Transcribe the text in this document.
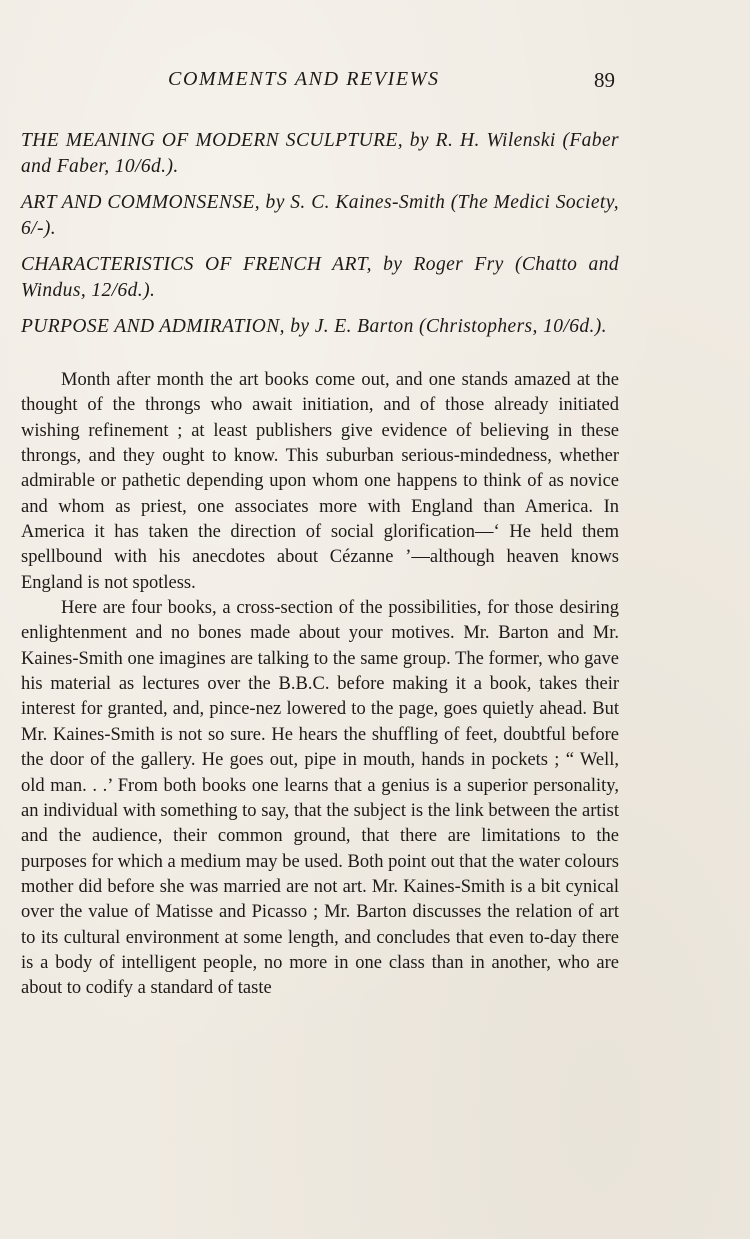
COMMENTS AND REVIEWS	89

THE MEANING OF MODERN SCULPTURE, by R. H. Wilenski (Faber and Faber, 10/6d.).

ART AND COMMONSENSE, by S. C. Kaines-Smith (The Medici Society, 6/-).

CHARACTERISTICS OF FRENCH ART, by Roger Fry (Chatto and Windus, 12/6d.).

PURPOSE AND ADMIRATION, by J. E. Barton (Christophers, 10/6d.).

Month after month the art books come out, and one stands amazed at the thought of the throngs who await initiation, and of those already initiated wishing refinement ; at least publishers give evidence of believing in these throngs, and they ought to know. This suburban serious-mindedness, whether admirable or pathetic depending upon whom one happens to think of as novice and whom as priest, one associates more with England than America. In America it has taken the direction of social glorification—‘ He held them spellbound with his anecdotes about Cézanne ’—although heaven knows England is not spotless.

Here are four books, a cross-section of the possibilities, for those desiring enlightenment and no bones made about your motives. Mr. Barton and Mr. Kaines-Smith one imagines are talking to the same group. The former, who gave his material as lectures over the B.B.C. before making it a book, takes their interest for granted, and, pince-nez lowered to the page, goes quietly ahead. But Mr. Kaines-Smith is not so sure. He hears the shuffling of feet, doubtful before the door of the gallery. He goes out, pipe in mouth, hands in pockets ; “ Well, old man. . .’ From both books one learns that a genius is a superior personality, an individual with something to say, that the subject is the link between the artist and the audience, their common ground, that there are limitations to the purposes for which a medium may be used. Both point out that the water colours mother did before she was married are not art. Mr. Kaines-Smith is a bit cynical over the value of Matisse and Picasso ; Mr. Barton discusses the relation of art to its cultural environment at some length, and concludes that even to-day there is a body of intelligent people, no more in one class than in another, who are about to codify a standard of taste
